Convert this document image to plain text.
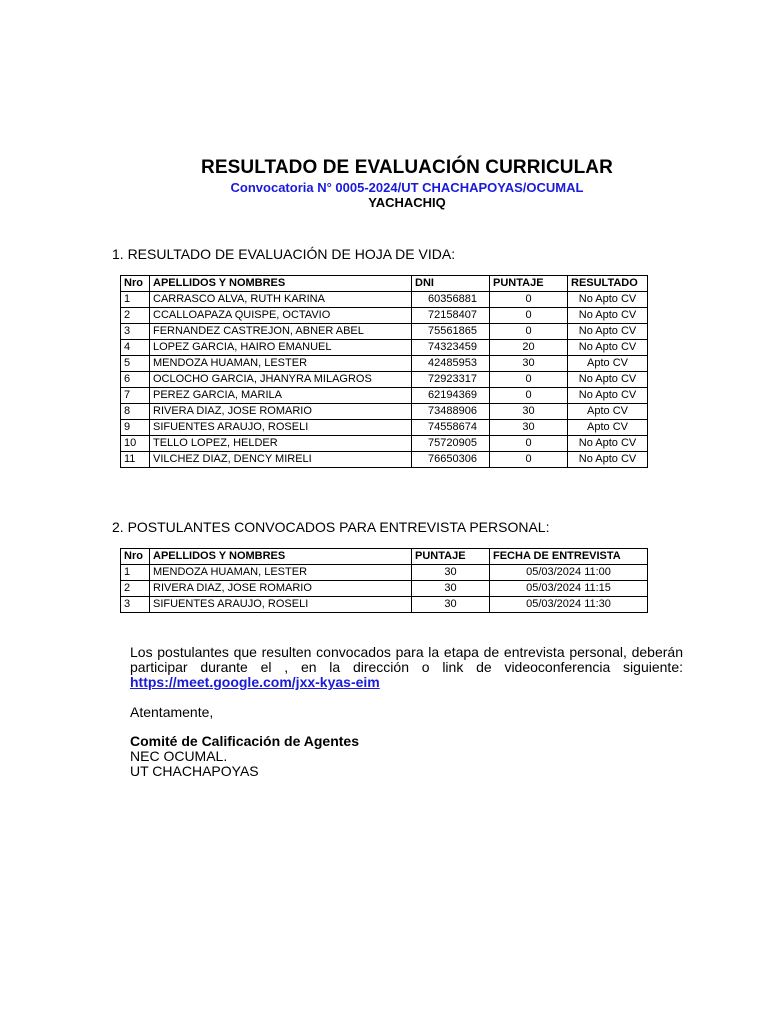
RESULTADO DE EVALUACIÓN CURRICULAR
Convocatoria N° 0005-2024/UT CHACHAPOYAS/OCUMAL
YACHACHIQ
1. RESULTADO DE EVALUACIÓN DE HOJA DE VIDA:
Nro	APELLIDOS Y NOMBRES	DNI	PUNTAJE	RESULTADO
1	CARRASCO ALVA, RUTH KARINA	60356881	0	No Apto CV
2	CCALLOAPAZA QUISPE, OCTAVIO	72158407	0	No Apto CV
3	FERNANDEZ CASTREJON, ABNER ABEL	75561865	0	No Apto CV
4	LOPEZ GARCIA, HAIRO EMANUEL	74323459	20	No Apto CV
5	MENDOZA HUAMAN, LESTER	42485953	30	Apto CV
6	OCLOCHO GARCIA, JHANYRA MILAGROS	72923317	0	No Apto CV
7	PEREZ GARCIA, MARILA	62194369	0	No Apto CV
8	RIVERA DIAZ, JOSE ROMARIO	73488906	30	Apto CV
9	SIFUENTES ARAUJO, ROSELI	74558674	30	Apto CV
10	TELLO LOPEZ, HELDER	75720905	0	No Apto CV
11	VILCHEZ DIAZ, DENCY MIRELI	76650306	0	No Apto CV
2. POSTULANTES CONVOCADOS PARA ENTREVISTA PERSONAL:
Nro	APELLIDOS Y NOMBRES	PUNTAJE	FECHA DE ENTREVISTA
1	MENDOZA HUAMAN, LESTER	30	05/03/2024 11:00
2	RIVERA DIAZ, JOSE ROMARIO	30	05/03/2024 11:15
3	SIFUENTES ARAUJO, ROSELI	30	05/03/2024 11:30
Los postulantes que resulten convocados para la etapa de entrevista personal, deberán participar durante el , en la dirección o link de videoconferencia siguiente: https://meet.google.com/jxx-kyas-eim
Atentamente,
Comité de Calificación de Agentes
NEC OCUMAL.
UT CHACHAPOYAS
